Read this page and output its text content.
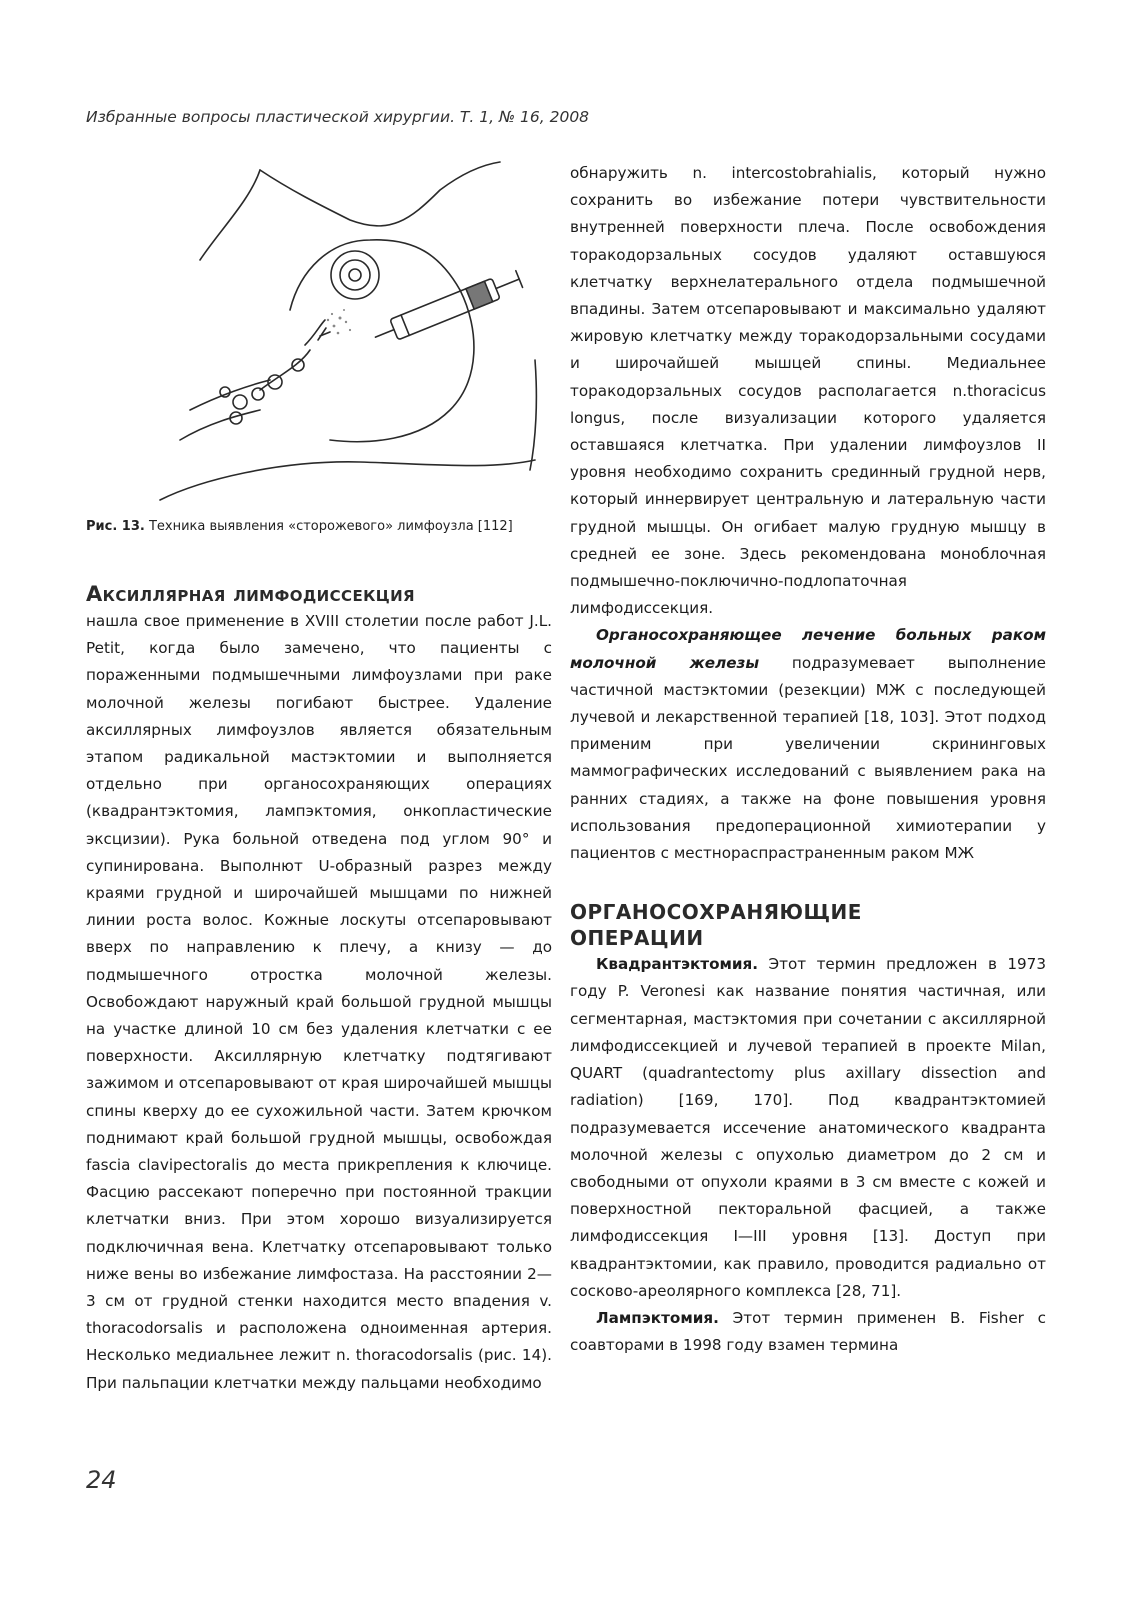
Избранные вопросы пластической хирургии. Т. 1, № 16, 2008
Рис. 13. Техника выявления «сторожевого» лимфоузла [112]
Аксиллярная лимфодиссекция

нашла свое применение в XVIII столетии после работ J.L. Petit, когда было замечено, что пациенты с пораженными подмышечными лимфоузлами при раке молочной железы погибают быстрее. Удаление аксиллярных лимфоузлов является обязательным этапом радикальной мастэктомии и выполняется отдельно при органосохраняющих операциях (квадрантэктомия, лампэктомия, онкопластические эксцизии). Рука больной отведена под углом 90° и супинирована. Выполнют U-образный разрез между краями грудной и широчайшей мышцами по нижней линии роста волос. Кожные лоскуты отсепаровывают вверх по направлению к плечу, а книзу — до подмышечного отростка молочной железы. Освобождают наружный край большой грудной мышцы на участке длиной 10 см без удаления клетчатки с ее поверхности. Аксиллярную клетчатку подтягивают зажимом и отсепаровывают от края широчайшей мышцы спины кверху до ее сухожильной части. Затем крючком поднимают край большой грудной мышцы, освобождая fascia clavipectoralis до места прикрепления к ключице. Фасцию рассекают поперечно при постоянной тракции клетчатки вниз. При этом хорошо визуализируется подключичная вена. Клетчатку отсепаровывают только ниже вены во избежание лимфостаза. На расстоянии 2—3 см от грудной стенки находится место впадения v. thoracodorsalis и расположена одноименная артерия. Несколько медиальнее лежит n. thoracodorsalis (рис. 14). При пальпации клетчатки между пальцами необходимо

обнаружить n. intercostobrahialis, который нужно сохранить во избежание потери чувствительности внутренней поверхности плеча. После освобождения торакодорзальных сосудов удаляют оставшуюся клетчатку верхнелатерального отдела подмышечной впадины. Затем отсепаровывают и максимально удаляют жировую клетчатку между торакодорзальными сосудами и широчайшей мышцей спины. Медиальнее торакодорзальных сосудов располагается n.thoracicus longus, после визуализации которого удаляется оставшаяся клетчатка. При удалении лимфоузлов II уровня необходимо сохранить срединный грудной нерв, который иннервирует центральную и латеральную части грудной мышцы. Он огибает малую грудную мышцу в средней ее зоне. Здесь рекомендована моноблочная подмышечно-поключично-подлопаточная лимфодиссекция.

Органосохраняющее лечение больных раком молочной железы подразумевает выполнение частичной мастэктомии (резекции) МЖ с последующей лучевой и лекарственной терапией [18, 103]. Этот подход применим при увеличении скрининговых маммографических исследований с выявлением рака на ранних стадиях, а также на фоне повышения уровня использования предоперационной химиотерапии у пациентов с местнораспрастраненным раком МЖ

ОРГАНОСОХРАНЯЮЩИЕ
ОПЕРАЦИИ

Квадрантэктомия. Этот термин предложен в 1973 году P. Veronesi как название понятия частичная, или сегментарная, мастэктомия при сочетании с аксиллярной лимфодиссекцией и лучевой терапией в проекте Milan, QUART (quadrantectomy plus axillary dissection and radiation) [169, 170]. Под квадрантэктомией подразумевается иссечение анатомического квадранта молочной железы с опухолью диаметром до 2 см и свободными от опухоли краями в 3 см вместе с кожей и поверхностной пекторальной фасцией, а также лимфодиссекция I—III уровня [13]. Доступ при квадрантэктомии, как правило, проводится радиально от сосково-ареолярного комплекса [28, 71].

Лампэктомия. Этот термин применен B. Fisher с соавторами в 1998 году взамен термина

24
